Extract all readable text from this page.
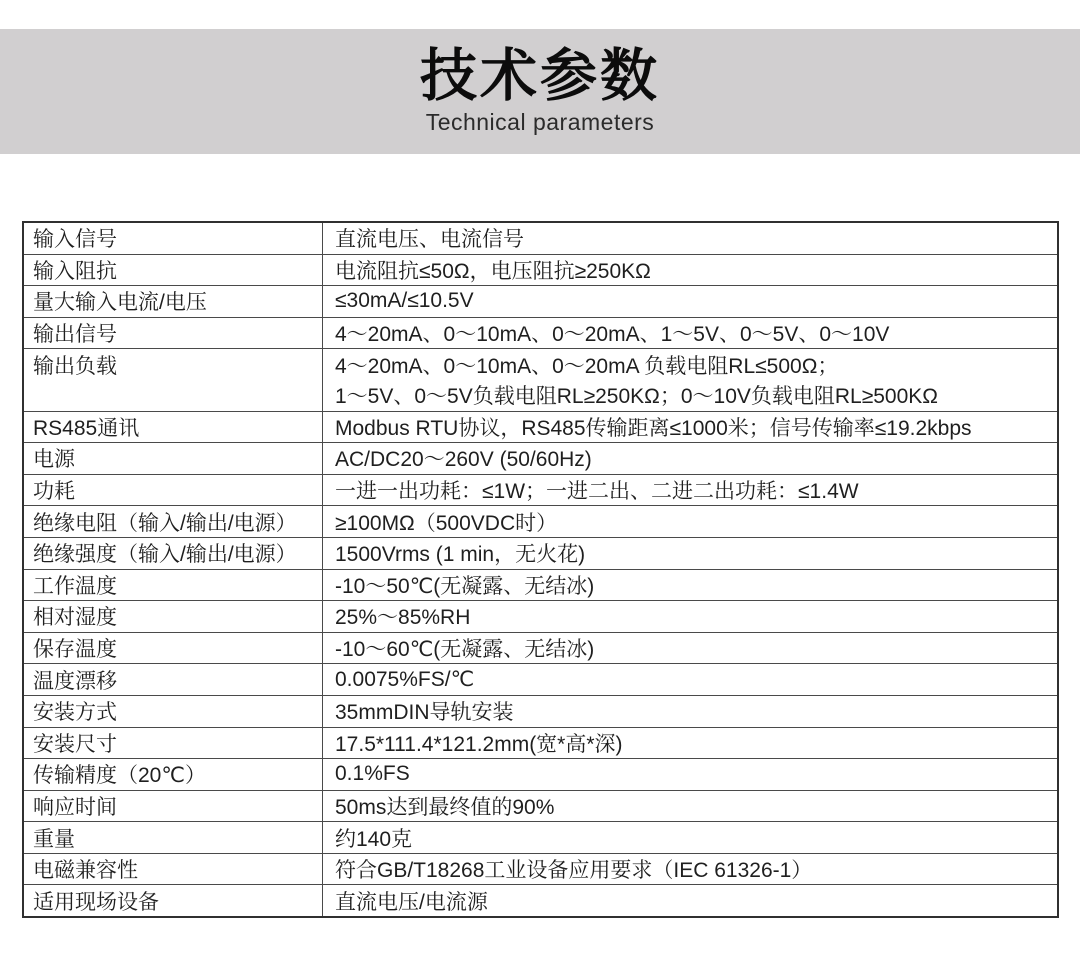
技术参数
Technical parameters
输入信号	直流电压、电流信号

输入阻抗	电流阻抗≤50Ω，电压阻抗≥250KΩ

量大输入电流/电压	≤30mA/≤10.5V

输出信号	4～20mA、0～10mA、0～20mA、1～5V、0～5V、0～10V

输出负载	4～20mA、0～10mA、0～20mA 负载电阻RL≤500Ω；
1～5V、0～5V负载电阻RL≥250KΩ；0～10V负载电阻RL≥500KΩ

RS485通讯	Modbus RTU协议，RS485传输距离≤1000米；信号传输率≤19.2kbps

电源	AC/DC20～260V (50/60Hz)

功耗	一进一出功耗：≤1W；一进二出、二进二出功耗：≤1.4W

绝缘电阻（输入/输出/电源）	≥100MΩ（500VDC时）

绝缘强度（输入/输出/电源）	1500Vrms (1 min，无火花)

工作温度	-10～50℃(无凝露、无结冰)

相对湿度	25%～85%RH

保存温度	-10～60℃(无凝露、无结冰)

温度漂移	0.0075%FS/℃

安装方式	35mmDIN导轨安装

安装尺寸	17.5*111.4*121.2mm(宽*高*深)

传输精度（20℃）	0.1%FS

响应时间	50ms达到最终值的90%

重量	约140克

电磁兼容性	符合GB/T18268工业设备应用要求（IEC 61326-1）

适用现场设备	直流电压/电流源
